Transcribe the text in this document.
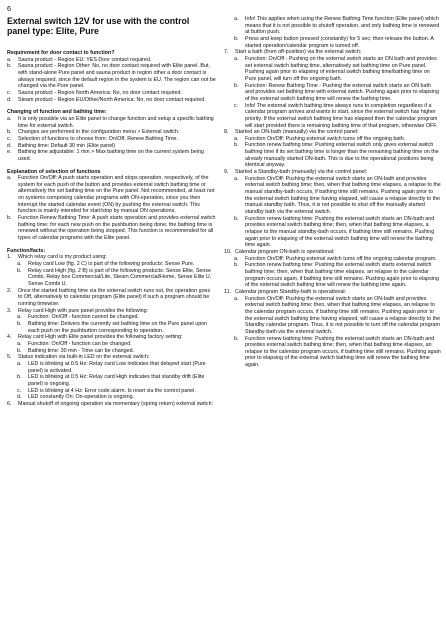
6
External switch 12V for use with the control panel type: Elite, Pure
Requirement for door contact to function?
a. Sauna product - Region EU: YES Door contact required.
b. Sauna product - Region Other: No, no door contact required with Elite panel. But, with stand-alone Pure panel and sauna product in region other a door contact is always required, since the default region in the system is EU. The region can not be changed via the Pure panel.
c. Sauna product - Region North America: No, no door contact required.
d. Steam product - Region EU/Other/North America: No, no door contact required.
Changing of function and bathing time:
a. It is only possible via an Elite panel to change function and setup a specific bathing time for external switch.
b. Changes are performed in the configuration menu > External switch.
c. Selection of functions to choose from: On/Off, Renew Bathing Time.
d. Bathing time: Default 30 min (Elite panel)
e. Bathing time adjustable: 1 min > Max bathing time on the current system being used.
Explanation of selection of functions
a. Function On/Off: A push starts operation and stops operation, respectively, of the system for each push of the button and provides external switch bathing time or alternatively the set bathing time on the Pure panel. Not recommended, at least not on systems comprising calendar programs with ON-operation, since you then interrupt the started calendar event (ON) by pushing the external switch. This function is mainly intended for start/stop by manual ON operations.
b. Function Renew Bathing Time: A push starts operation and provides external switch bathing time; for each new push on the pushbutton being done, the bathing time is renewed without the operation being stopped. This function is recommended for all types of calendar programs with the Elite panel.
Function/facts:
1. Which relay card is my product using:
a. Relay card Low (fig. 2 C) is part of the following products: Sense Pure.
b. Relay card High (fig. 2 B) is part of the following products: Sense Elite, Sense Combi, Relay box Commercial/Lite, Steam Commercial/Home, Sense Elite U, Sense Combi U.
2. Once the started bathing time via the external switch runs out, the operation goes to Off, alternatively to calendar program (Elite panel) if such a program should be running timewise.
3. Relay card High with pure panel provides the following:
a. Function: On/Off - function cannot be changed.
b. Bathing time: Delivers the currently set bathing time on the Pure panel upon each push on the pushbutton corresponding to operation.
4. Relay card High with Elite panel provides the following factory setting:
a. Function: On/Off - function can be changed.
b. Bathing time: 30 min - Time can be changed.
5. Status indication via built-in LED on the external switch:
a. LED is blinking at 0.5 Hz: Relay card Low indicates that delayed start (Pure panel) is activated.
b. LED is blinking at 0.5 Hz: Relay card High indicates that standby drift (Elite panel) is ongoing.
c. LED is blinking at 4 Hz: Error code alarm. Is reset via the control panel.
d. LED constantly On: On-operation is ongoing.
6. Manual shutoff of ongoing operation via momentary (spring return) external switch:
a. Info! This applies when using the Renew Bathing Time function (Elite panel) which means that it is not possible to shutoff operation, and only bathing time is renewed at button push.
b. Press and keep button pressed (constantly) for 5 sec; then release the button. A started operation/calendar program is turned off.
7. Start a bath (from off-position) via the external switch:
a. Function: On/Off - Pushing on the external switch starts an ON bath and provides set external switch bathing time, alternatively set bathing time on Pure panel. Pushing again prior to elapsing of external switch bathing time/bathing time on Pure panel, will turn off the ongoing bath.
b. Function: Renew Bathing Time - Pushing the external switch starts an ON bath and provides set bathing time with external switch. Pushing again prior to elapsing of the external switch bathing time will renew the bathing time.
c. Info! The external switch bathing time always runs to completion regardless if a calendar program arrives and wants to start, since the external switch has higher priority. If the external switch bathing time has elapsed then the calendar program will start provided there is remaining bathing time of that program, otherwise OFF.
8. Started an ON-bath (manually) via the control panel:
a. Function On/Off: Pushing external switch turns off the ongoing bath.
b. Function renew bathing time: Pushing external switch only gives external switch bathing time if its set bathing time is longer than the remaining bathing time on the already manually started ON-bath. This is due to the operational positions being identical anyway.
9. Started a Standby-bath (manually) via the control panel:
a. Function On/Off: Pushing the external switch starts an ON-bath and provides external switch bathing time; then, when that bathing time elapses, a relapse to the manual standby-bath occurs, if bathing time still remains. Pushing again prior to the external switch bathing time having elapsed, will cause a relapse directly to the manual standby bath. Thus, it is not possible to shut off the manually started standby bath via the external switch.
b. Function renew bathing time: Pushing the external switch starts an ON-bath and provides external switch bathing time; then, when that bathing time elapses, a relapse to the manual standby-bath occurs, if bathing time still remains. Pushing again prior to elapsing of the external switch bathing time will renew the bathing time again.
10. Calendar program ON-bath is operational:
a. Function On/Off: Pushing external switch turns off the ongoing calendar program.
b. Function renew bathing time: Pushing the external switch starts external switch bathing time; then, when that bathing time elapses, an relapse to the calendar program occurs again, if bathing time still remains. Pushing again prior to elapsing of the external switch bathing time will renew the bathing time again.
11. Calendar program Standby-bath is operational:
a. Function On/Off: Pushing the external switch starts an ON-bath and provides external switch bathing time; then, when that bathing time elapses, an relapse to the calendar program occurs, if bathing time still remains. Pushing again prior to the external switch bathing time having elapsed, will cause a relapse directly to the Standby calendar program. Thus, it is not possible to turn off the calendar program Standby-bath via the external switch.
b. Function renew bathing time: Pushing the external switch starts an ON-bath and provides external switch bathing time; then, when that bathing time elapses, an relapse to the calendar program occurs, if bathing time still remains. Pushing again prior to elapsing of the external switch bathing time will renew the bathing time again.
